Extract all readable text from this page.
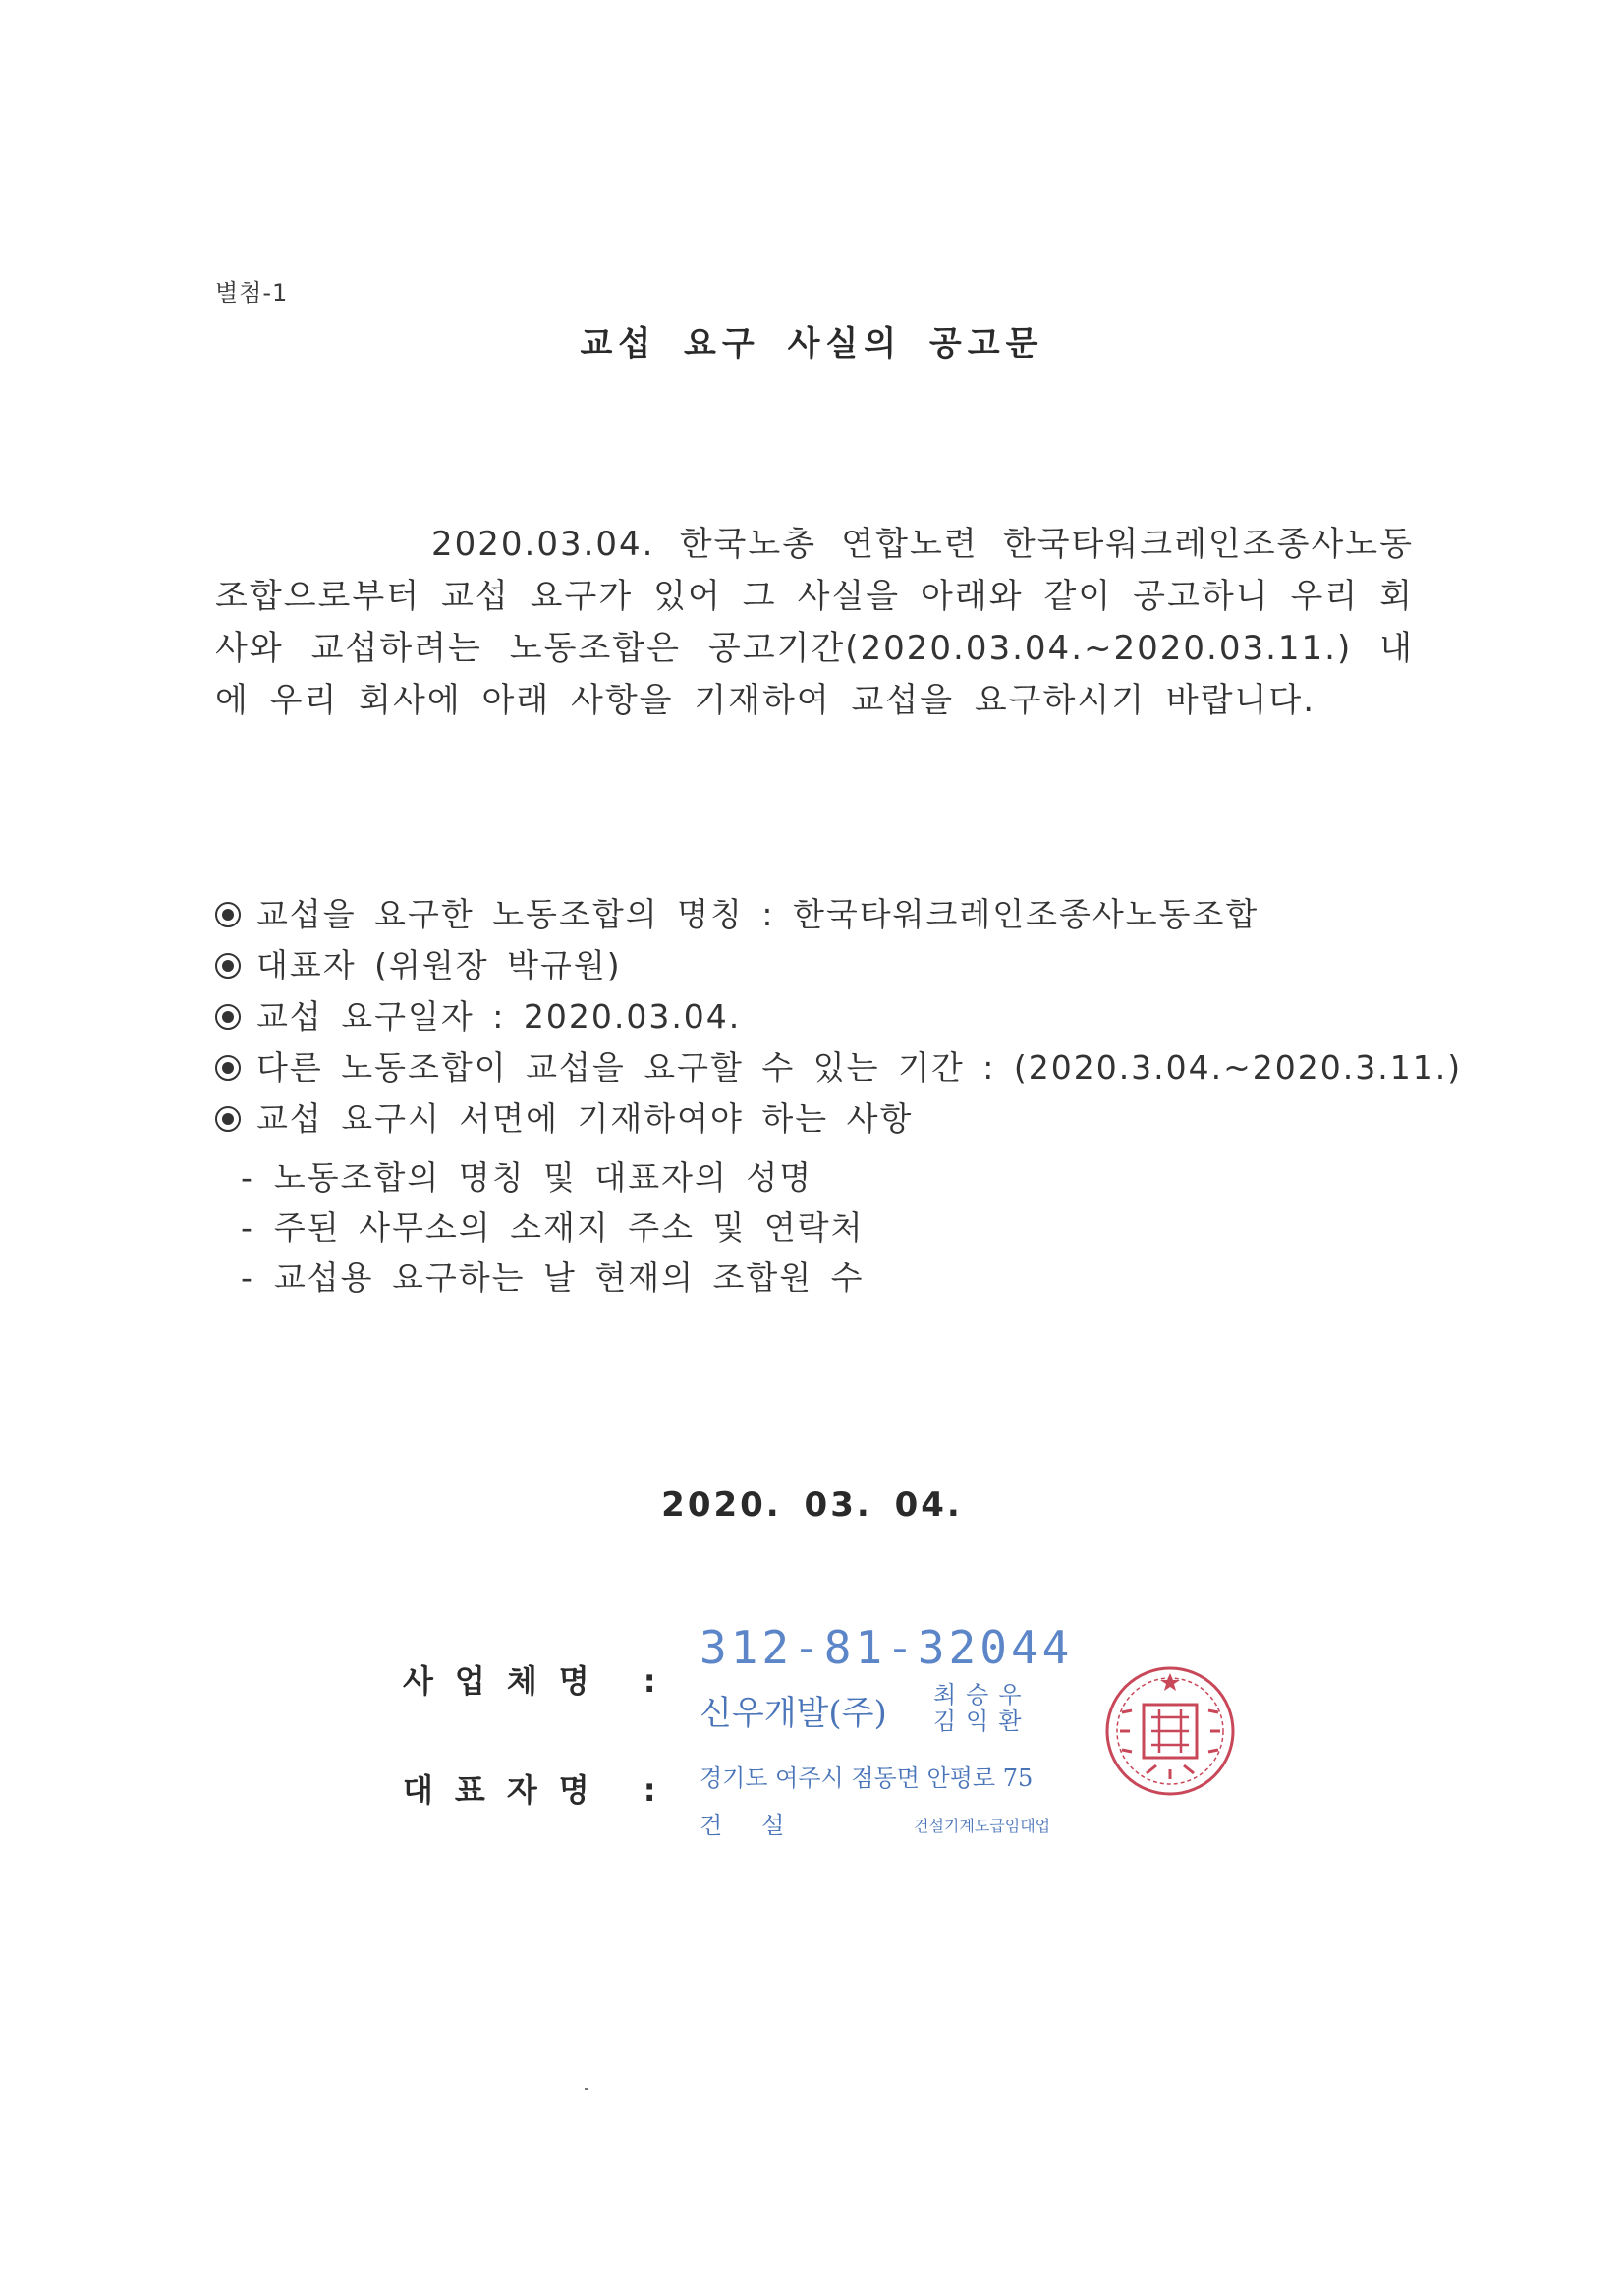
별첨-1
교섭 요구 사실의 공고문

2020.03.04. 한국노총 연합노련 한국타워크레인조종사노동조합으로부터 교섭 요구가 있어 그 사실을 아래와 같이 공고하니 우리 회사와 교섭하려는 노동조합은 공고기간(2020.03.04.~2020.03.11.) 내에 우리 회사에 아래 사항을 기재하여 교섭을 요구하시기 바랍니다.

교섭을 요구한 노동조합의 명칭 : 한국타워크레인조종사노동조합
대표자 (위원장 박규원)
교섭 요구일자 : 2020.03.04.
다른 노동조합이 교섭을 요구할 수 있는 기간 : (2020.3.04.~2020.3.11.)
교섭 요구시 서면에 기재하여야 하는 사항
- 노동조합의 명칭 및 대표자의 성명
- 주된 사무소의 소재지 주소 및 연락처
- 교섭용 요구하는 날 현재의 조합원 수
2020. 03. 04.
사업체명 :
대표자명 :
312-81-32044
신우개발(주) 최승우
김익환
경기도 여주시 점동면 안평로 75
건설	건설기계도급임대업
